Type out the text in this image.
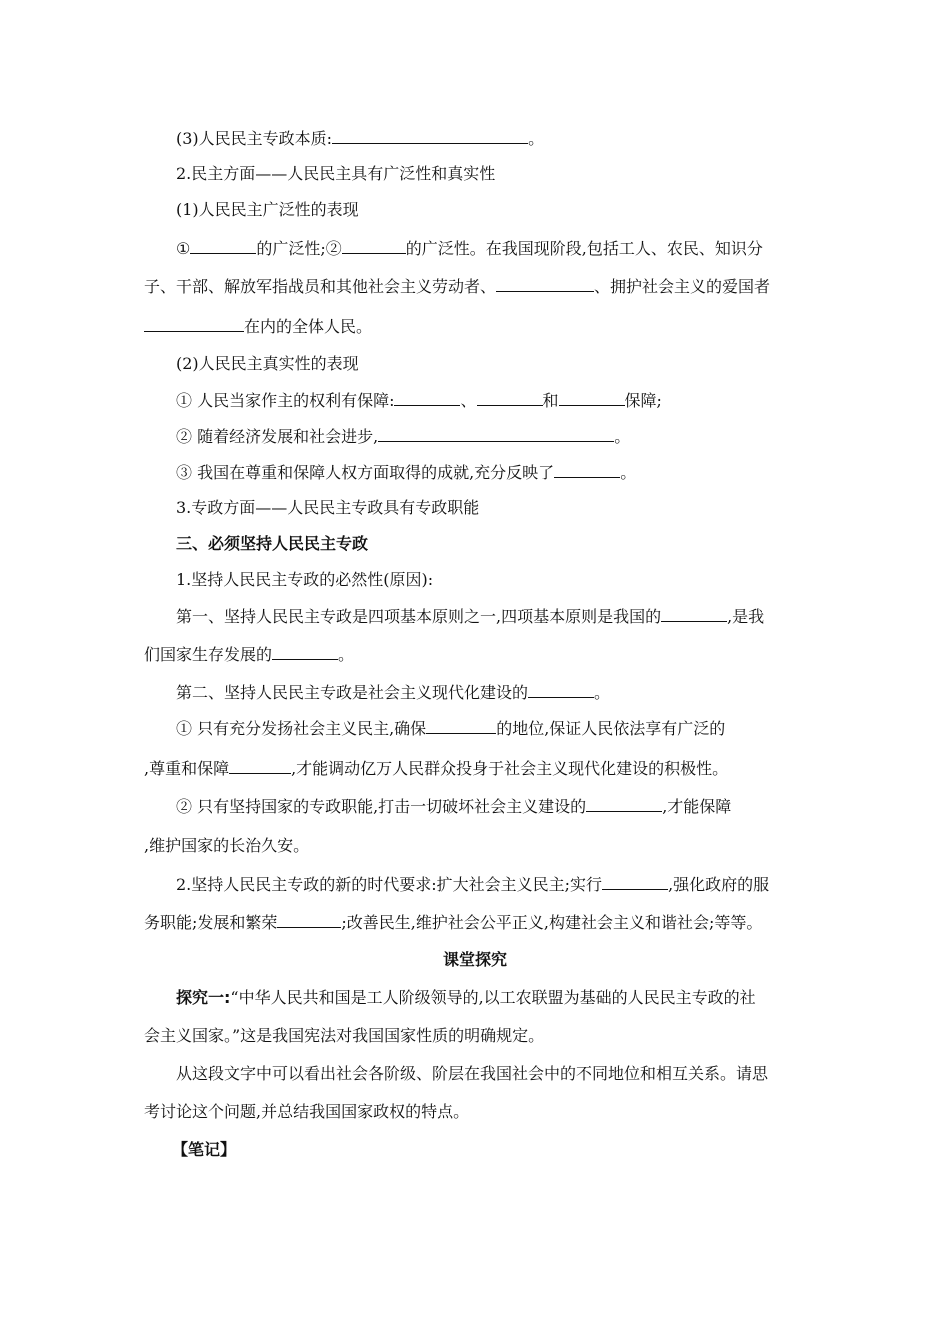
(3)人民民主专政本质:	。
2.民主方面——人民民主具有广泛性和真实性
(1)人民民主广泛性的表现
①	的广泛性;②	的广泛性。在我国现阶段,包括工人、农民、知识分
子、干部、解放军指战员和其他社会主义劳动者、	、拥护社会主义的爱国者
在内的全体人民。
(2)人民民主真实性的表现
① 人民当家作主的权利有保障:	、	和	保障;
② 随着经济发展和社会进步,	。
③ 我国在尊重和保障人权方面取得的成就,充分反映了	。
3.专政方面——人民民主专政具有专政职能
三、必须坚持人民民主专政
1.坚持人民民主专政的必然性(原因):
第一、坚持人民民主专政是四项基本原则之一,四项基本原则是我国的	,是我
们国家生存发展的	。
第二、坚持人民民主专政是社会主义现代化建设的	。
① 只有充分发扬社会主义民主,确保	的地位,保证人民依法享有广泛的
,尊重和保障	,才能调动亿万人民群众投身于社会主义现代化建设的积极性。
② 只有坚持国家的专政职能,打击一切破坏社会主义建设的	,才能保障
,维护国家的长治久安。
2.坚持人民民主专政的新的时代要求:扩大社会主义民主;实行	,强化政府的服
务职能;发展和繁荣	;改善民生,维护社会公平正义,构建社会主义和谐社会;等等。
课堂探究
探究一:“中华人民共和国是工人阶级领导的,以工农联盟为基础的人民民主专政的社
会主义国家。”这是我国宪法对我国国家性质的明确规定。
从这段文字中可以看出社会各阶级、阶层在我国社会中的不同地位和相互关系。请思
考讨论这个问题,并总结我国国家政权的特点。
【笔记】
